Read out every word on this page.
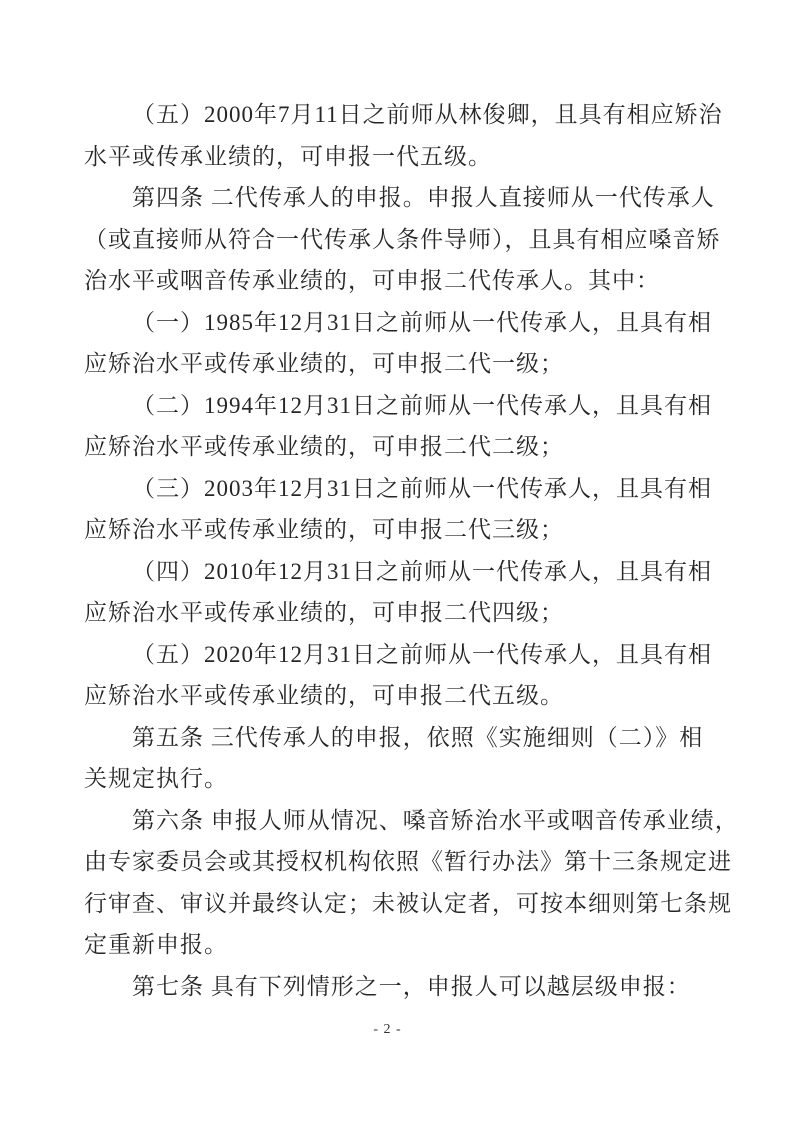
（五）2000年7月11日之前师从林俊卿，且具有相应矫治
水平或传承业绩的，可申报一代五级。
第四条 二代传承人的申报。申报人直接师从一代传承人
（或直接师从符合一代传承人条件导师），且具有相应嗓音矫
治水平或咽音传承业绩的，可申报二代传承人。其中：
（一）1985年12月31日之前师从一代传承人，且具有相
应矫治水平或传承业绩的，可申报二代一级；
（二）1994年12月31日之前师从一代传承人，且具有相
应矫治水平或传承业绩的，可申报二代二级；
（三）2003年12月31日之前师从一代传承人，且具有相
应矫治水平或传承业绩的，可申报二代三级；
（四）2010年12月31日之前师从一代传承人，且具有相
应矫治水平或传承业绩的，可申报二代四级；
（五）2020年12月31日之前师从一代传承人，且具有相
应矫治水平或传承业绩的，可申报二代五级。
第五条 三代传承人的申报，依照《实施细则（二）》相
关规定执行。
第六条 申报人师从情况、嗓音矫治水平或咽音传承业绩，
由专家委员会或其授权机构依照《暂行办法》第十三条规定进
行审查、审议并最终认定；未被认定者，可按本细则第七条规
定重新申报。
第七条 具有下列情形之一，申报人可以越层级申报：
- 2 -
